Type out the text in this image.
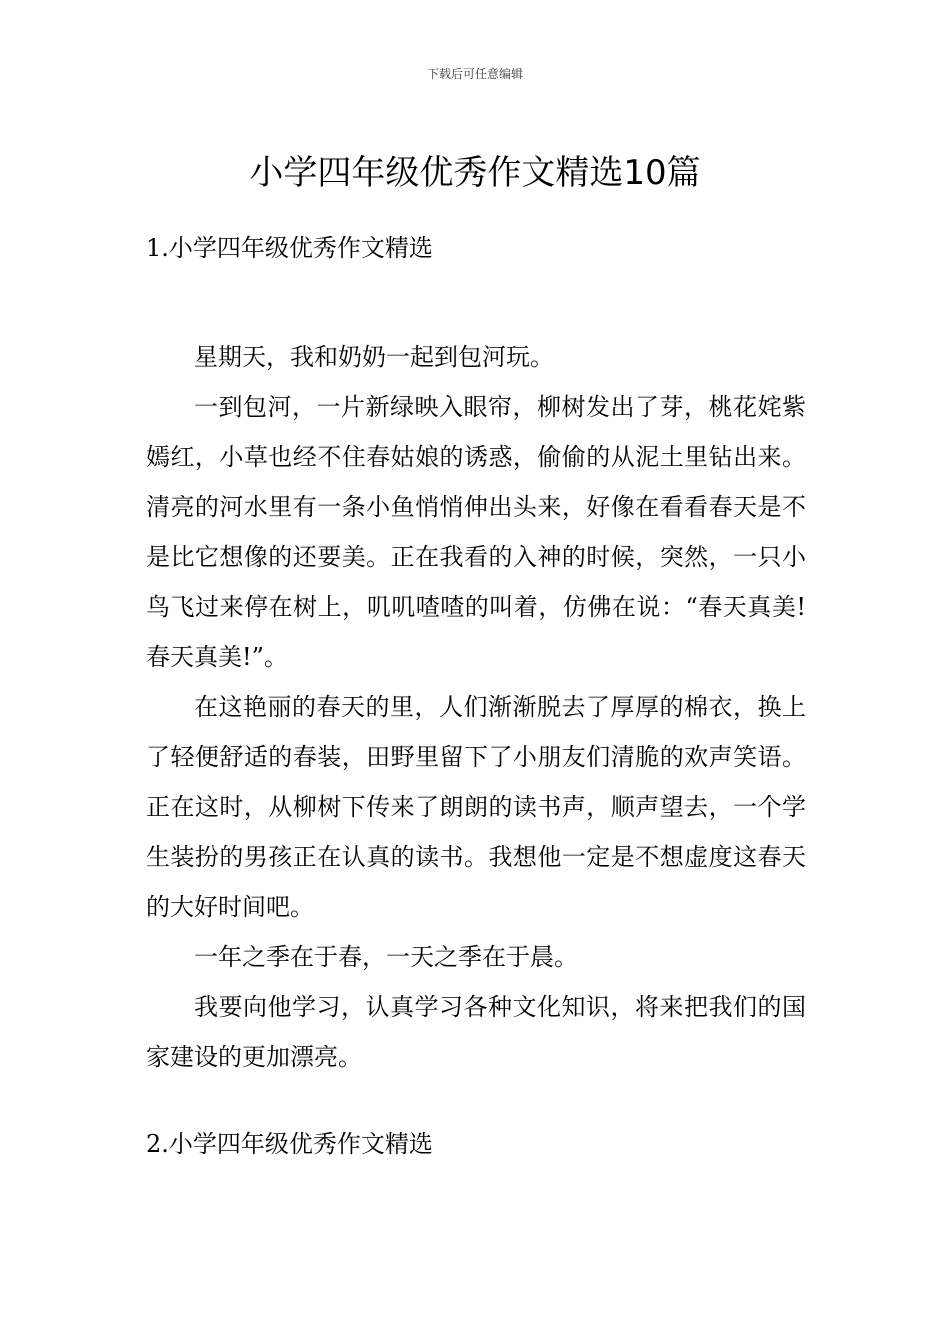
下载后可任意编辑
小学四年级优秀作文精选10篇
1.小学四年级优秀作文精选

星期天，我和奶奶一起到包河玩。

一到包河，一片新绿映入眼帘，柳树发出了芽，桃花姹紫嫣红，小草也经不住春姑娘的诱惑，偷偷的从泥土里钻出来。清亮的河水里有一条小鱼悄悄伸出头来，好像在看看春天是不是比它想像的还要美。正在我看的入神的时候，突然，一只小鸟飞过来停在树上，叽叽喳喳的叫着，仿佛在说：“春天真美!春天真美!”。

在这艳丽的春天的里，人们渐渐脱去了厚厚的棉衣，换上了轻便舒适的春装，田野里留下了小朋友们清脆的欢声笑语。正在这时，从柳树下传来了朗朗的读书声，顺声望去，一个学生装扮的男孩正在认真的读书。我想他一定是不想虚度这春天的大好时间吧。

一年之季在于春，一天之季在于晨。

我要向他学习，认真学习各种文化知识，将来把我们的国家建设的更加漂亮。

2.小学四年级优秀作文精选
